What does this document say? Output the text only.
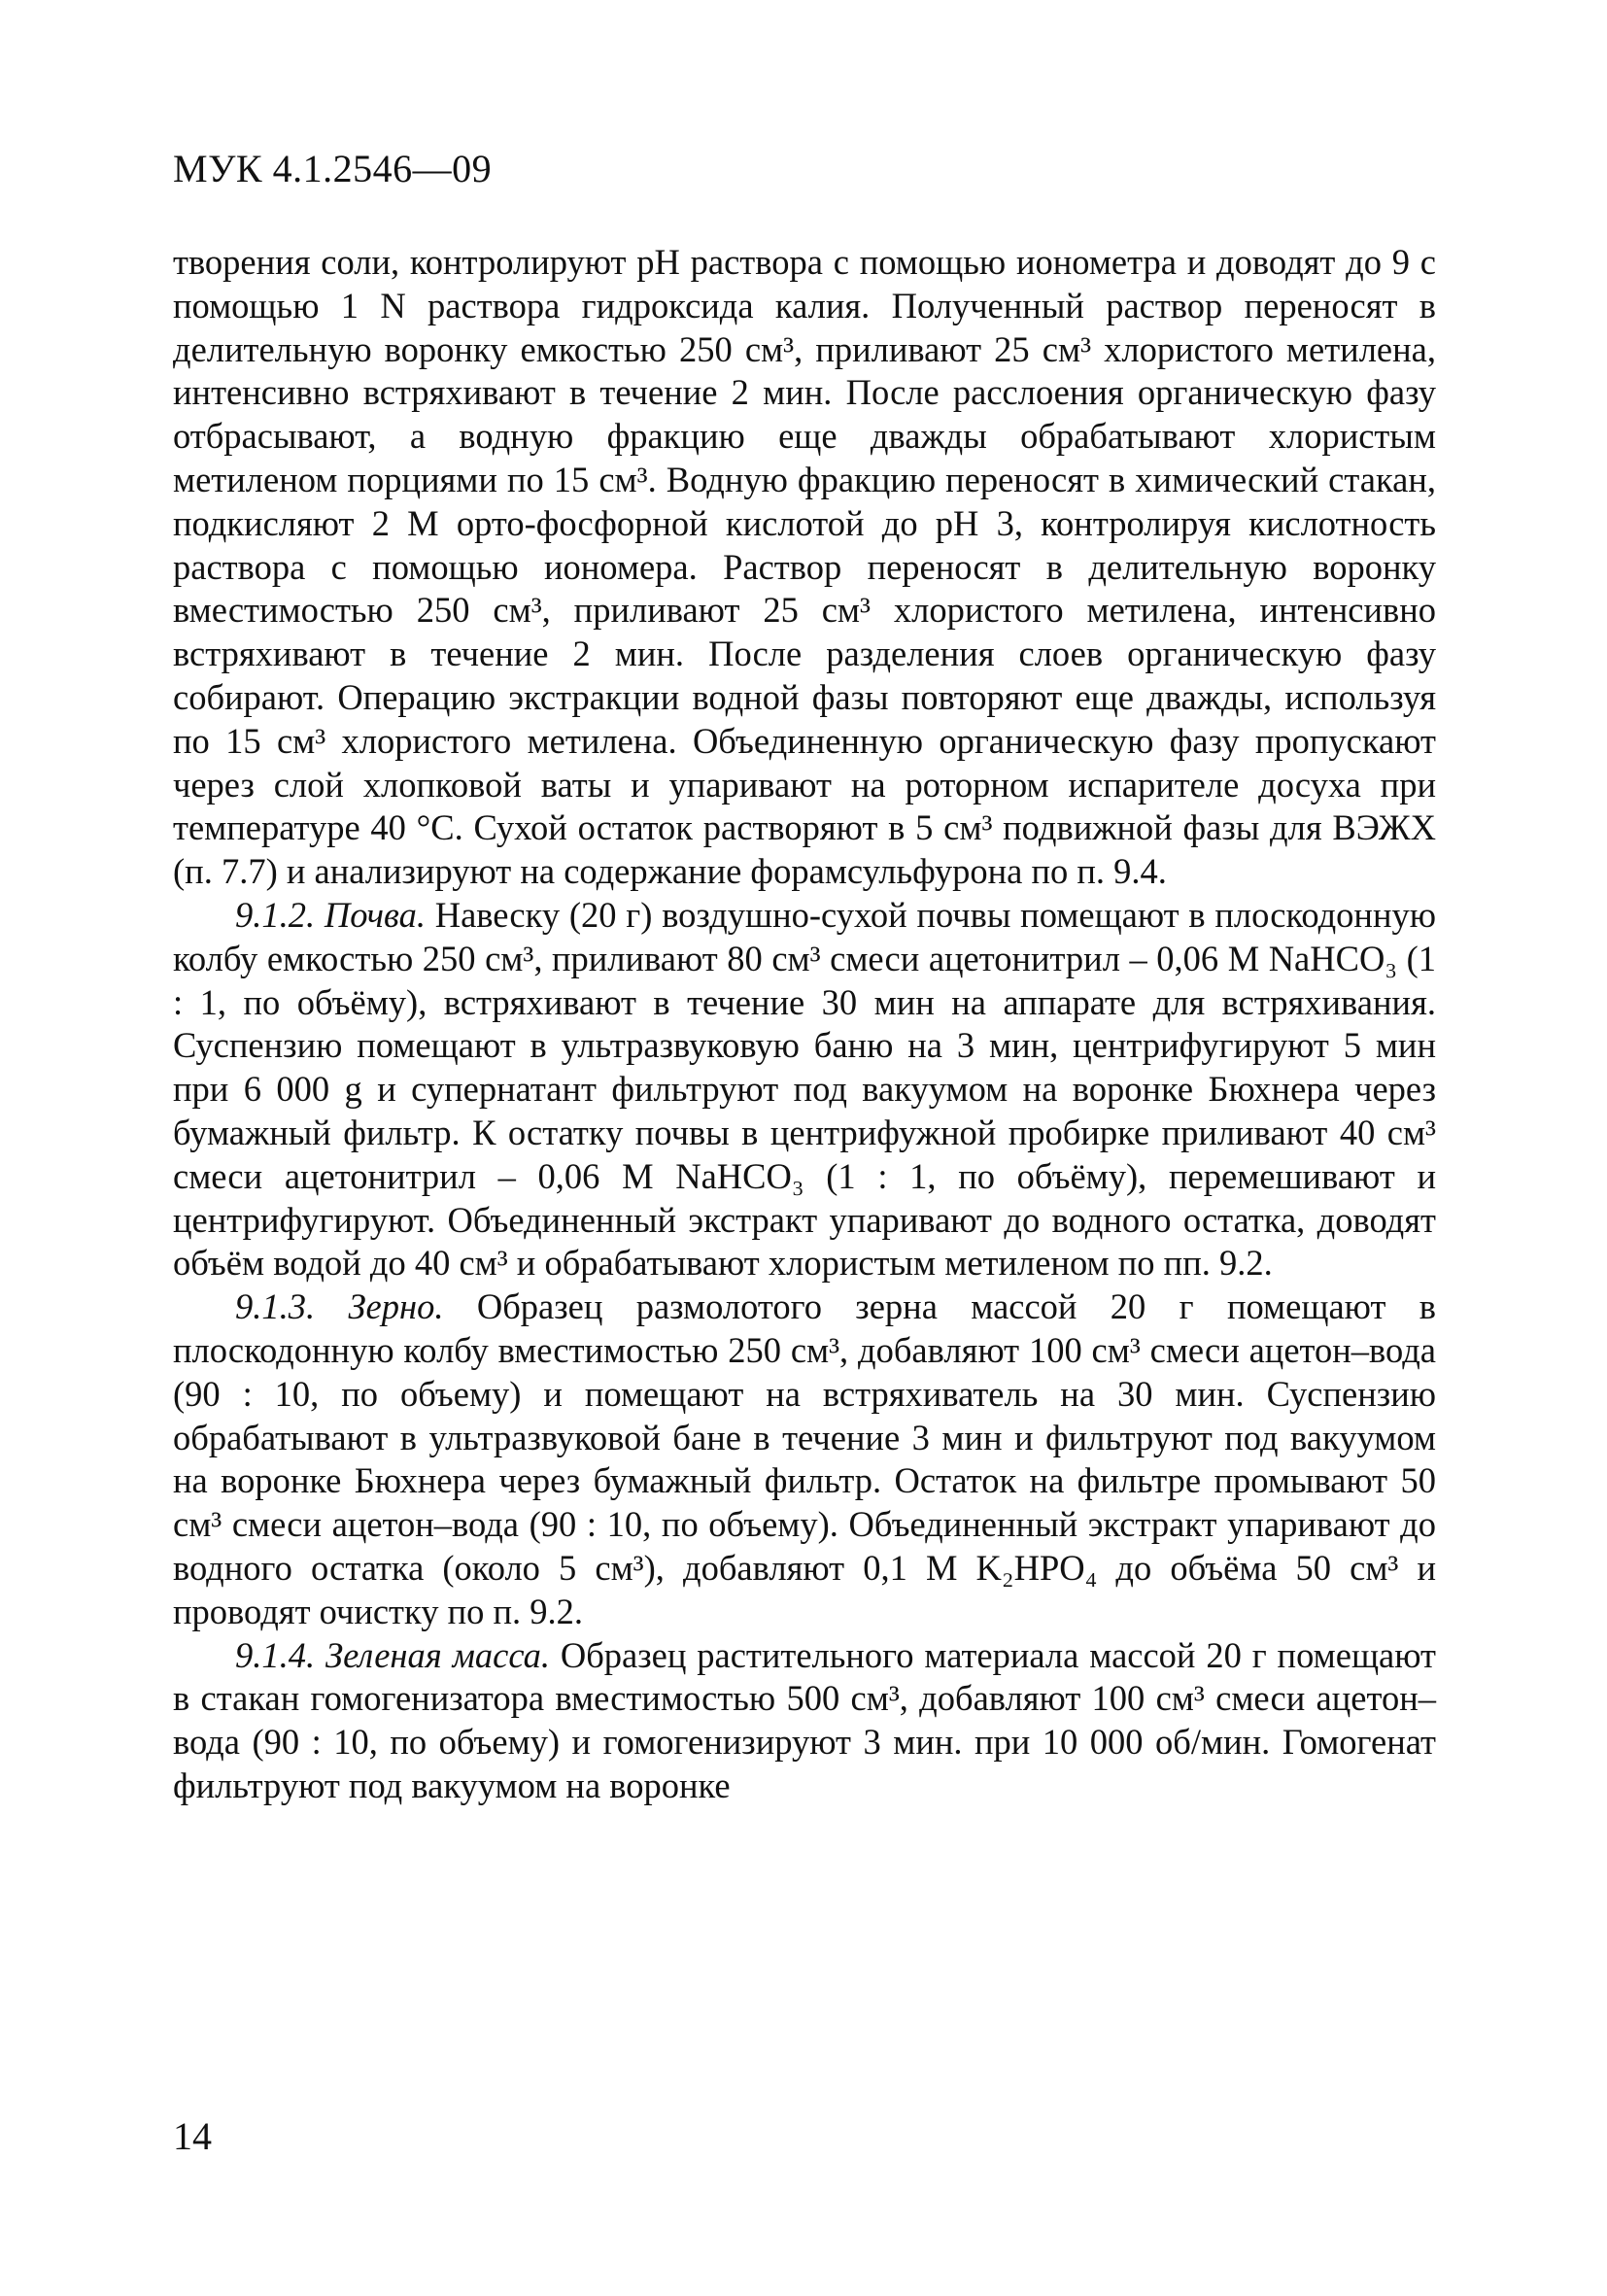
МУК 4.1.2546—09

творения соли, контролируют pH раствора с помощью ионометра и доводят до 9 с помощью 1 N раствора гидроксида калия. Полученный раствор переносят в делительную воронку емкостью 250 см³, приливают 25 см³ хлористого метилена, интенсивно встряхивают в течение 2 мин. После расслоения органическую фазу отбрасывают, а водную фракцию еще дважды обрабатывают хлористым метиленом порциями по 15 см³. Водную фракцию переносят в химический стакан, подкисляют 2 М орто-фосфорной кислотой до pH 3, контролируя кислотность раствора с помощью иономера. Раствор переносят в делительную воронку вместимостью 250 см³, приливают 25 см³ хлористого метилена, интенсивно встряхивают в течение 2 мин. После разделения слоев органическую фазу собирают. Операцию экстракции водной фазы повторяют еще дважды, используя по 15 см³ хлористого метилена. Объединенную органическую фазу пропускают через слой хлопковой ваты и упаривают на роторном испарителе досуха при температуре 40 °С. Сухой остаток растворяют в 5 см³ подвижной фазы для ВЭЖХ (п. 7.7) и анализируют на содержание форамсульфурона по п. 9.4.

9.1.2. Почва. Навеску (20 г) воздушно-сухой почвы помещают в плоскодонную колбу емкостью 250 см³, приливают 80 см³ смеси ацетонитрил – 0,06 М NaHCO₃ (1 : 1, по объёму), встряхивают в течение 30 мин на аппарате для встряхивания. Суспензию помещают в ультразвуковую баню на 3 мин, центрифугируют 5 мин при 6 000 g и супернатант фильтруют под вакуумом на воронке Бюхнера через бумажный фильтр. К остатку почвы в центрифужной пробирке приливают 40 см³ смеси ацетонитрил – 0,06 М NaHCO₃ (1 : 1, по объёму), перемешивают и центрифугируют. Объединенный экстракт упаривают до водного остатка, доводят объём водой до 40 см³ и обрабатывают хлористым метиленом по пп. 9.2.

9.1.3. Зерно. Образец размолотого зерна массой 20 г помещают в плоскодонную колбу вместимостью 250 см³, добавляют 100 см³ смеси ацетон–вода (90 : 10, по объему) и помещают на встряхиватель на 30 мин. Суспензию обрабатывают в ультразвуковой бане в течение 3 мин и фильтруют под вакуумом на воронке Бюхнера через бумажный фильтр. Остаток на фильтре промывают 50 см³ смеси ацетон–вода (90 : 10, по объему). Объединенный экстракт упаривают до водного остатка (около 5 см³), добавляют 0,1 М K₂HPO₄ до объёма 50 см³ и проводят очистку по п. 9.2.

9.1.4. Зеленая масса. Образец растительного материала массой 20 г помещают в стакан гомогенизатора вместимостью 500 см³, добавляют 100 см³ смеси ацетон–вода (90 : 10, по объему) и гомогенизируют 3 мин. при 10 000 об/мин. Гомогенат фильтруют под вакуумом на воронке

14
